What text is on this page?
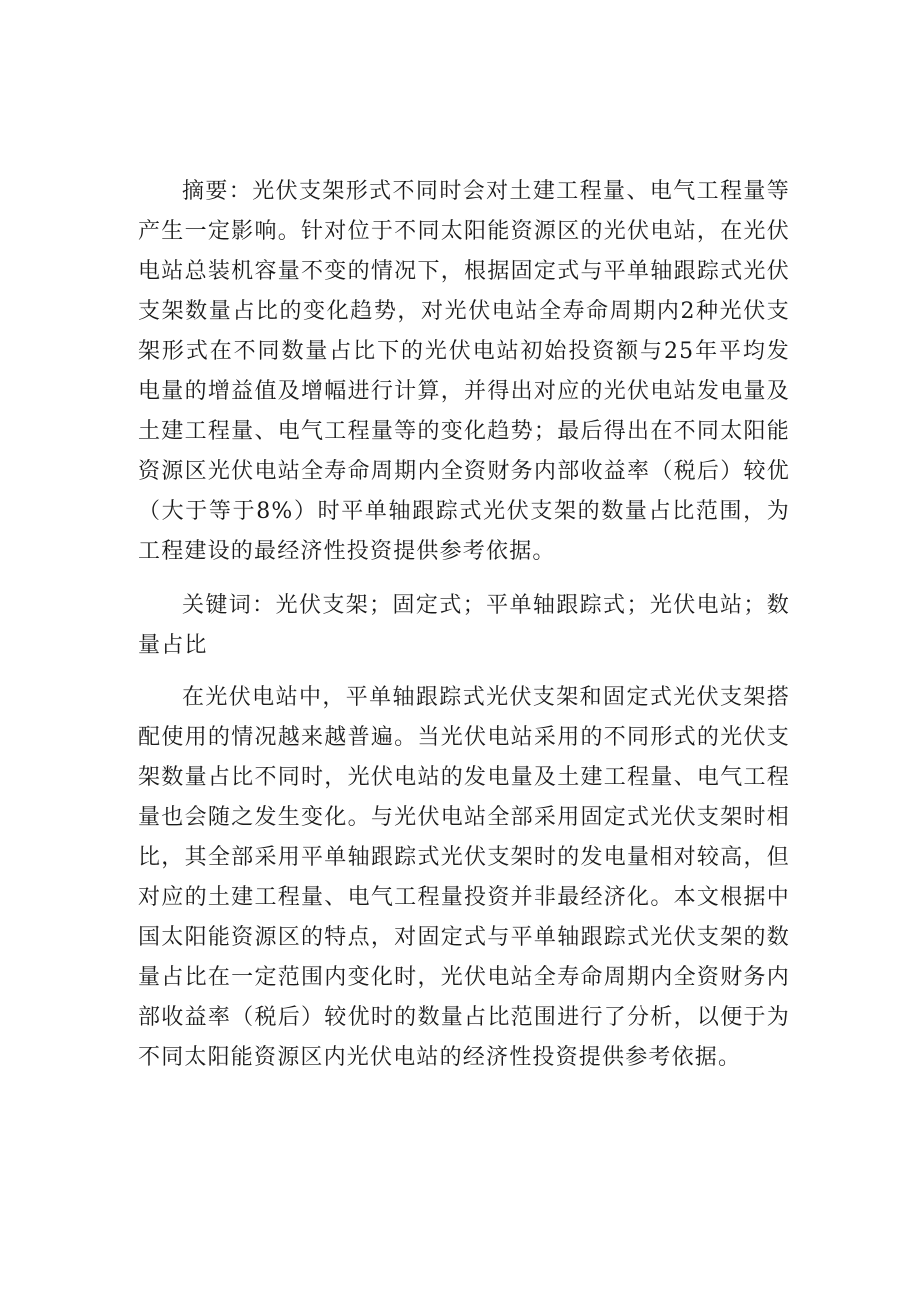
摘要：光伏支架形式不同时会对土建工程量、电气工程量等产生一定影响。针对位于不同太阳能资源区的光伏电站，在光伏电站总装机容量不变的情况下，根据固定式与平单轴跟踪式光伏支架数量占比的变化趋势，对光伏电站全寿命周期内2种光伏支架形式在不同数量占比下的光伏电站初始投资额与25年平均发电量的增益值及增幅进行计算，并得出对应的光伏电站发电量及土建工程量、电气工程量等的变化趋势；最后得出在不同太阳能资源区光伏电站全寿命周期内全资财务内部收益率（税后）较优（大于等于8%）时平单轴跟踪式光伏支架的数量占比范围，为工程建设的最经济性投资提供参考依据。

关键词：光伏支架；固定式；平单轴跟踪式；光伏电站；数量占比

在光伏电站中，平单轴跟踪式光伏支架和固定式光伏支架搭配使用的情况越来越普遍。当光伏电站采用的不同形式的光伏支架数量占比不同时，光伏电站的发电量及土建工程量、电气工程量也会随之发生变化。与光伏电站全部采用固定式光伏支架时相比，其全部采用平单轴跟踪式光伏支架时的发电量相对较高，但对应的土建工程量、电气工程量投资并非最经济化。本文根据中国太阳能资源区的特点，对固定式与平单轴跟踪式光伏支架的数量占比在一定范围内变化时，光伏电站全寿命周期内全资财务内部收益率（税后）较优时的数量占比范围进行了分析，以便于为不同太阳能资源区内光伏电站的经济性投资提供参考依据。
